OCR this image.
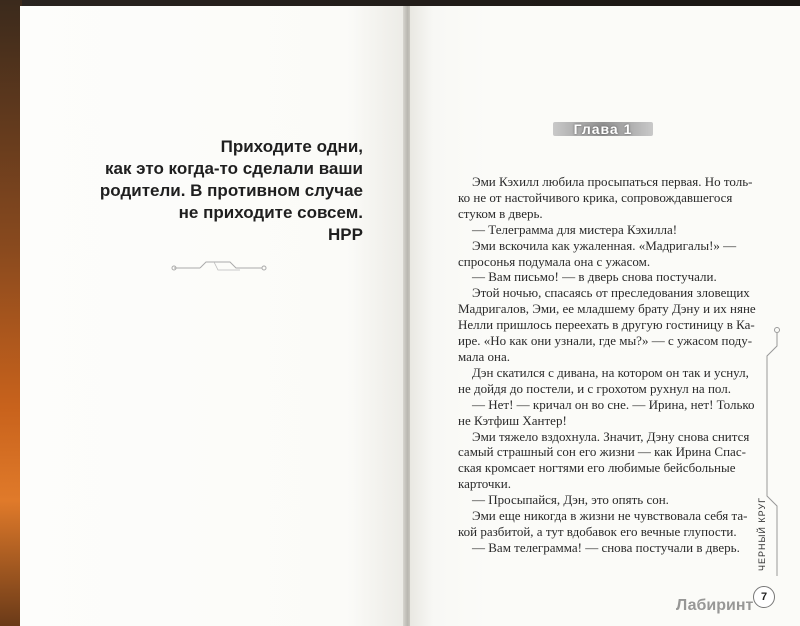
Приходите одни,
как это когда-то сделали ваши
родители. В противном случае
не приходите совсем.
НРР
Глава 1
Эми Кэхилл любила просыпаться первая. Но толь-
ко не от настойчивого крика, сопровождавшегося
стуком в дверь.
— Телеграмма для мистера Кэхилла!
Эми вскочила как ужаленная. «Мадригалы!» —
спросонья подумала она с ужасом.
— Вам письмо! — в дверь снова постучали.
Этой ночью, спасаясь от преследования зловещих
Мадригалов, Эми, ее младшему брату Дэну и их няне
Нелли пришлось переехать в другую гостиницу в Ка-
ире. «Но как они узнали, где мы?» — с ужасом поду-
мала она.
Дэн скатился с дивана, на котором он так и уснул,
не дойдя до постели, и с грохотом рухнул на пол.
— Нет! — кричал он во сне. — Ирина, нет! Только
не Кэтфиш Хантер!
Эми тяжело вздохнула. Значит, Дэну снова снится
самый страшный сон его жизни — как Ирина Спас-
ская кромсает ногтями его любимые бейсбольные
карточки.
— Просыпайся, Дэн, это опять сон.
Эми еще никогда в жизни не чувствовала себя та-
кой разбитой, а тут вдобавок его вечные глупости.
— Вам телеграмма! — снова постучали в дверь.	ЧЕРНЫЙ КРУГ
7
Лабиринт
